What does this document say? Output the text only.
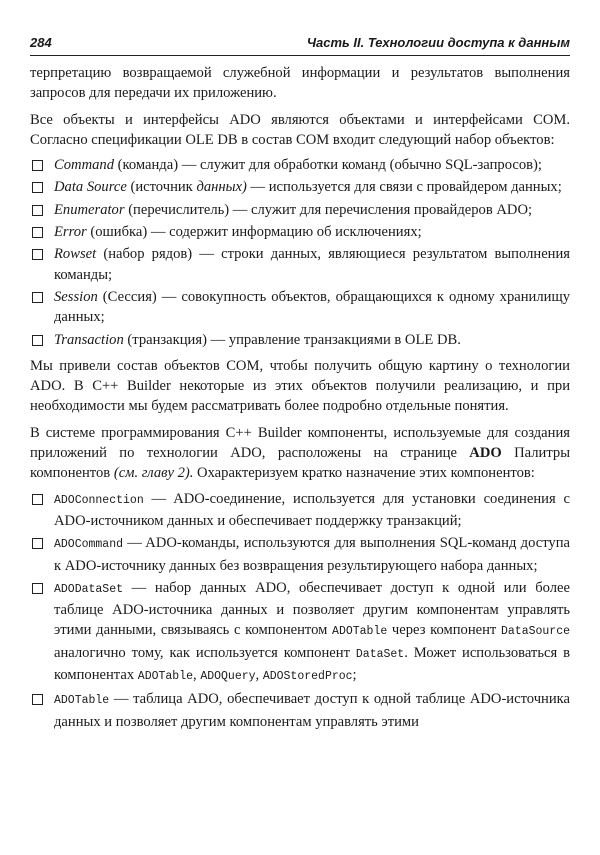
284	Часть II. Технологии доступа к данным

терпретацию возвращаемой служебной информации и результатов выполнения запросов для передачи их приложению.

Все объекты и интерфейсы ADO являются объектами и интерфейсами COM. Согласно спецификации OLE DB в состав COM входит следующий набор объектов:

Command (команда) — служит для обработки команд (обычно SQL-запросов);
Data Source (источник данных) — используется для связи с провайдером данных;
Enumerator (перечислитель) — служит для перечисления провайдеров ADO;
Error (ошибка) — содержит информацию об исключениях;
Rowset (набор рядов) — строки данных, являющиеся результатом выполнения команды;
Session (Сессия) — совокупность объектов, обращающихся к одному хранилищу данных;
Transaction (транзакция) — управление транзакциями в OLE DB.

Мы привели состав объектов COM, чтобы получить общую картину о технологии ADO. В C++ Builder некоторые из этих объектов получили реализацию, и при необходимости мы будем рассматривать более подробно отдельные понятия.

В системе программирования C++ Builder компоненты, используемые для создания приложений по технологии ADO, расположены на странице ADO Палитры компонентов (см. главу 2). Охарактеризуем кратко назначение этих компонентов:

ADOConnection — ADO-соединение, используется для установки соединения с ADO-источником данных и обеспечивает поддержку транзакций;
ADOCommand — ADO-команды, используются для выполнения SQL-команд доступа к ADO-источнику данных без возвращения результирующего набора данных;
ADODataSet — набор данных ADO, обеспечивает доступ к одной или более таблице ADO-источника данных и позволяет другим компонентам управлять этими данными, связываясь с компонентом ADOTable через компонент DataSource аналогично тому, как используется компонент DataSet. Может использоваться в компонентах ADOTable, ADOQuery, ADOStoredProc;
ADOTable — таблица ADO, обеспечивает доступ к одной таблице ADO-источника данных и позволяет другим компонентам управлять этими
